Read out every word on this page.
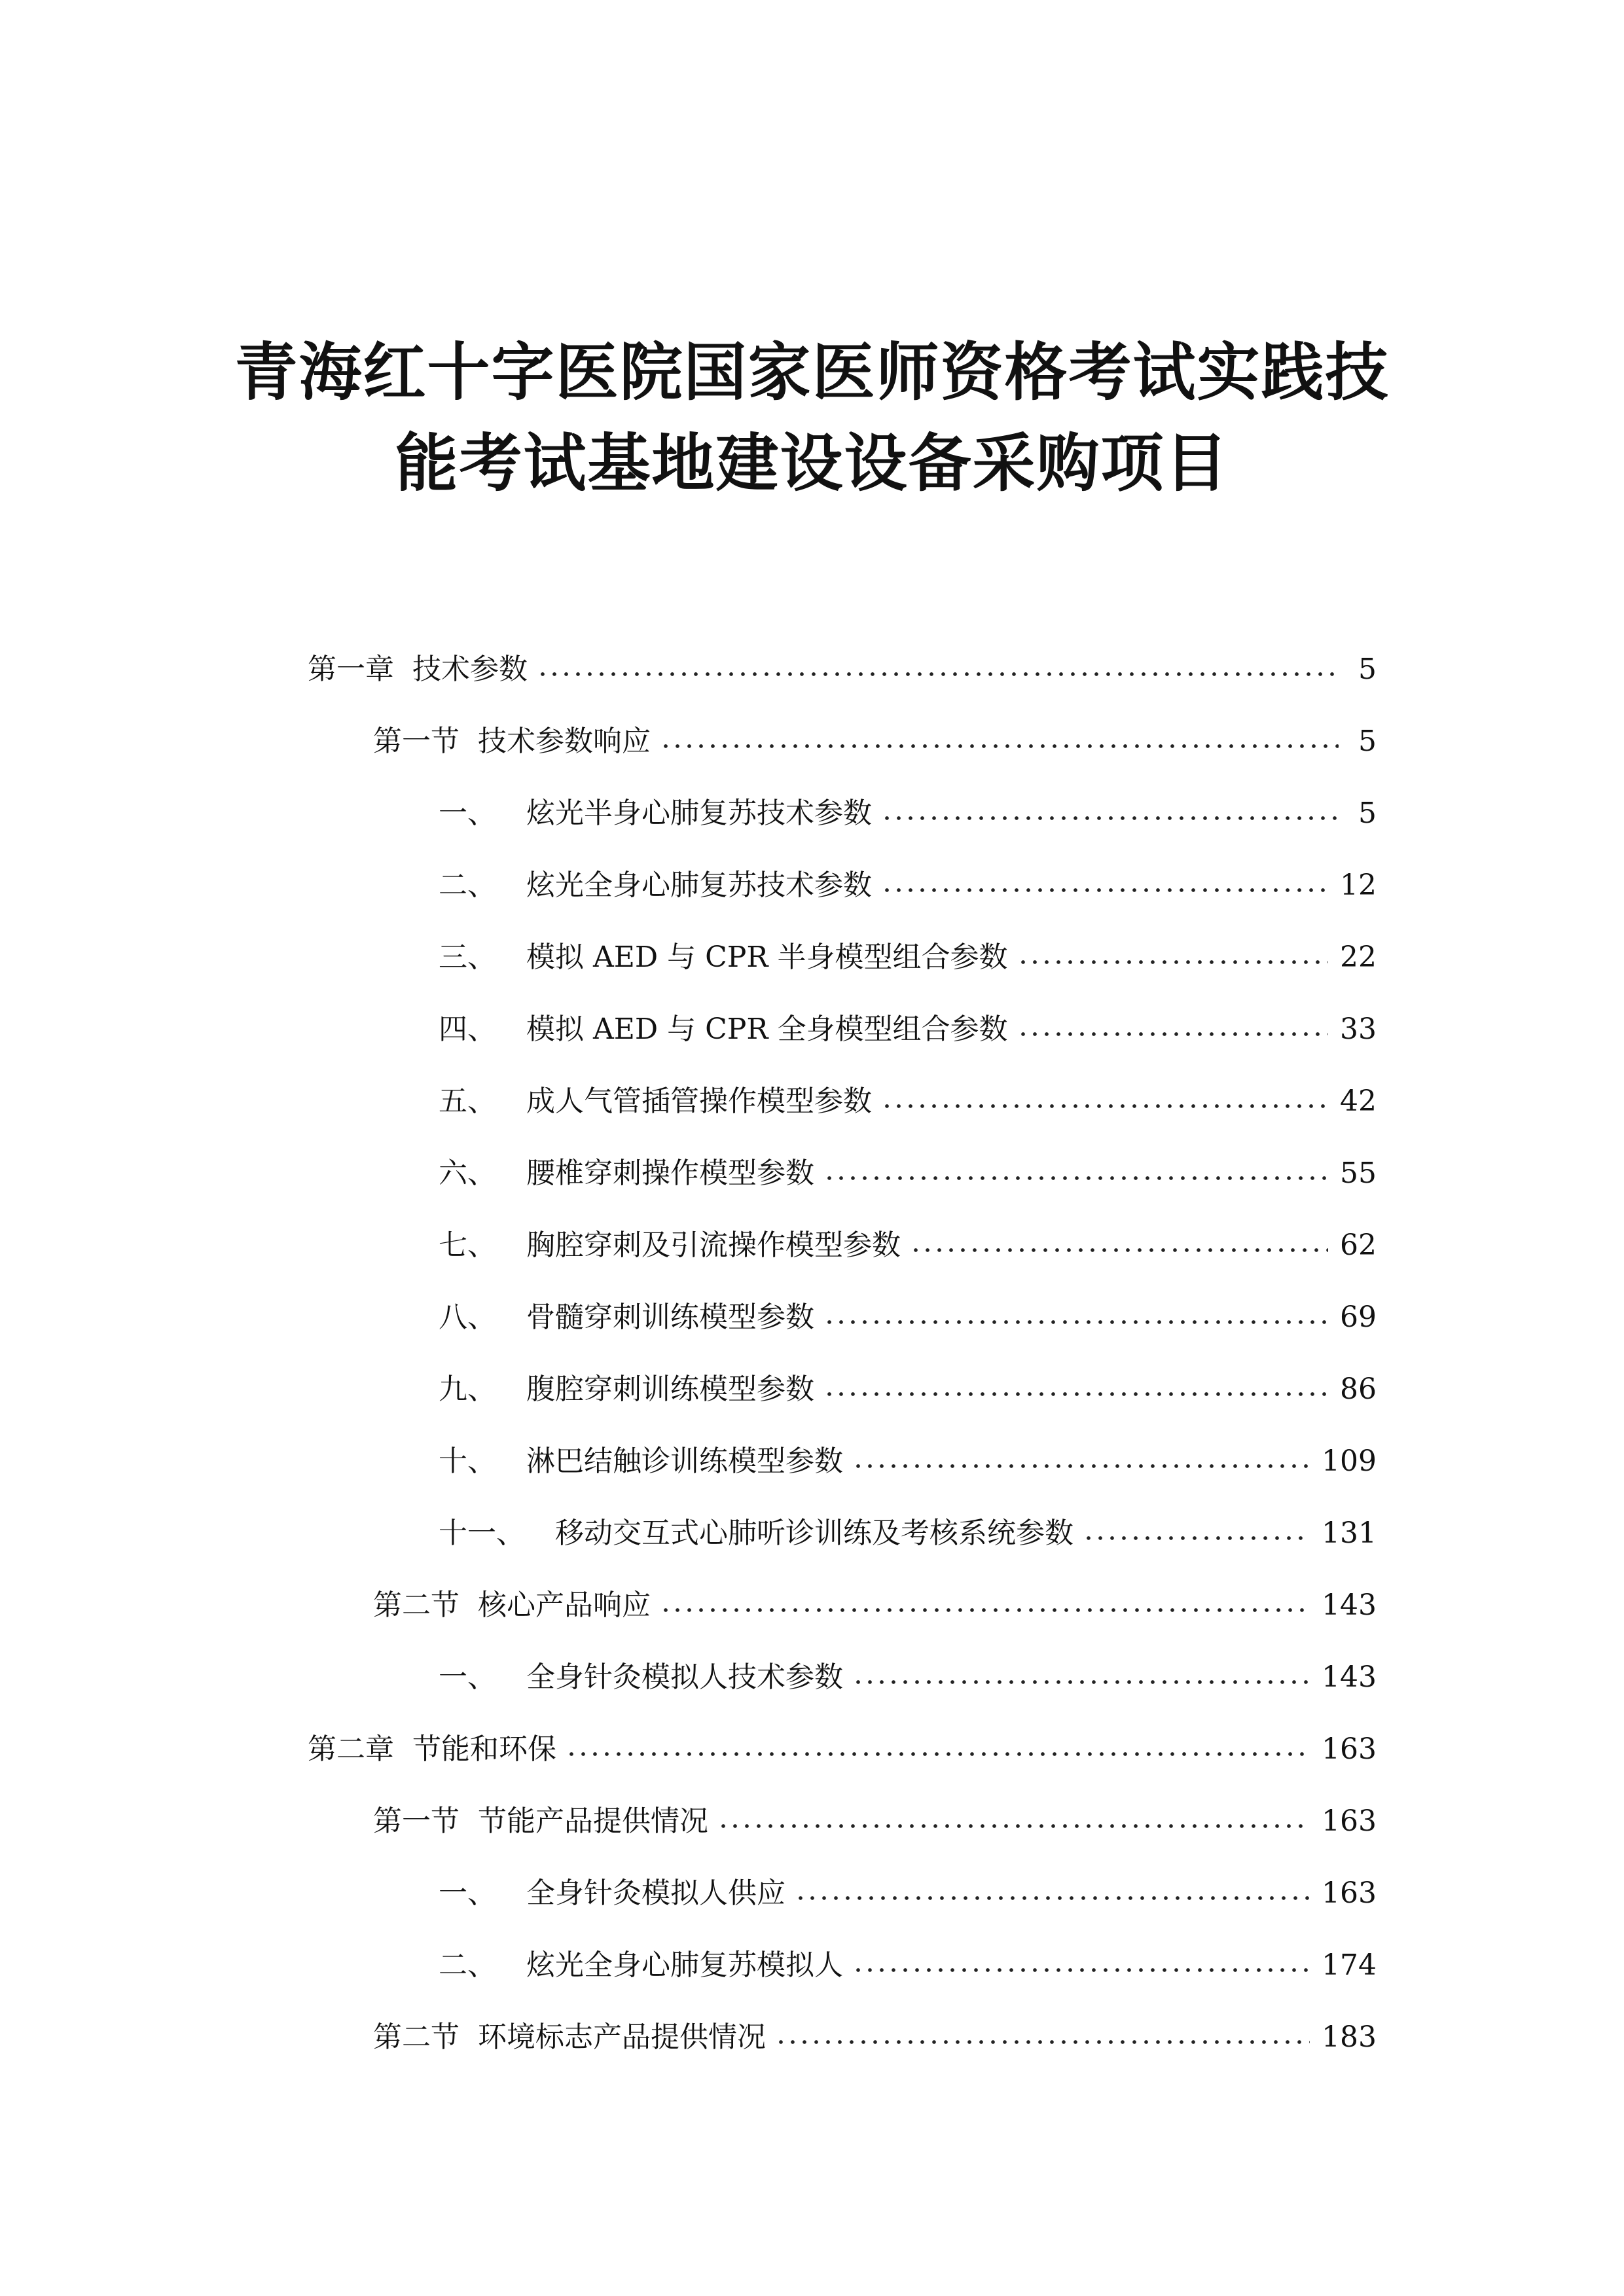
青海红十字医院国家医师资格考试实践技
能考试基地建设设备采购项目
第一章 技术参数	5
第一节 技术参数响应	5
一、 炫光半身心肺复苏技术参数	5
二、 炫光全身心肺复苏技术参数	12
三、 模拟 AED 与 CPR 半身模型组合参数	22
四、 模拟 AED 与 CPR 全身模型组合参数	33
五、 成人气管插管操作模型参数	42
六、 腰椎穿刺操作模型参数	55
七、 胸腔穿刺及引流操作模型参数	62
八、 骨髓穿刺训练模型参数	69
九、 腹腔穿刺训练模型参数	86
十、 淋巴结触诊训练模型参数	109
十一、 移动交互式心肺听诊训练及考核系统参数	131
第二节 核心产品响应	143
一、 全身针灸模拟人技术参数	143
第二章 节能和环保	163
第一节 节能产品提供情况	163
一、 全身针灸模拟人供应	163
二、 炫光全身心肺复苏模拟人	174
第二节 环境标志产品提供情况	183
